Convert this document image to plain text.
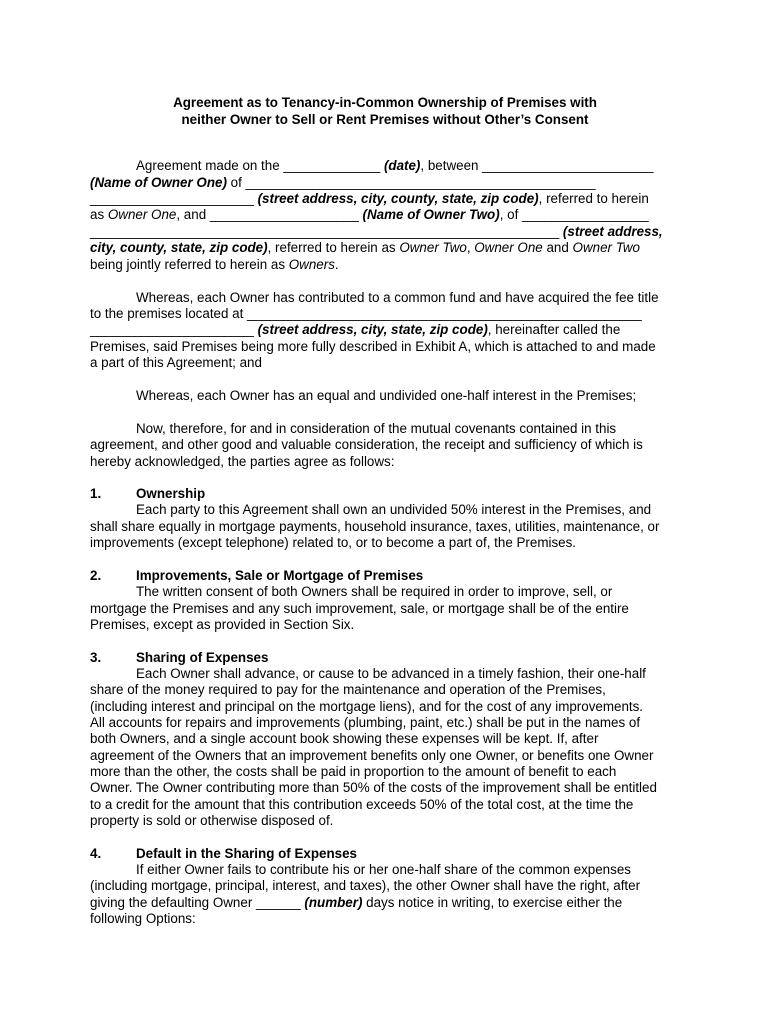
Agreement as to Tenancy-in-Common Ownership of Premises with
neither Owner to Sell or Rent Premises without Other’s Consent
Agreement made on the _____________ (date), between _______________________
(Name of Owner One) of _______________________________________________
______________________ (street address, city, county, state, zip code), referred to herein
as Owner One, and ____________________ (Name of Owner Two), of _________________
_______________________________________________________________ (street address,
city, county, state, zip code), referred to herein as Owner Two, Owner One and Owner Two
being jointly referred to herein as Owners.
Whereas, each Owner has contributed to a common fund and have acquired the fee title
to the premises located at _____________________________________________________
______________________ (street address, city, state, zip code), hereinafter called the
Premises, said Premises being more fully described in Exhibit A, which is attached to and made
a part of this Agreement; and
Whereas, each Owner has an equal and undivided one-half interest in the Premises;
Now, therefore, for and in consideration of the mutual covenants contained in this
agreement, and other good and valuable consideration, the receipt and sufficiency of which is
hereby acknowledged, the parties agree as follows:
1.	Ownership
Each party to this Agreement shall own an undivided 50% interest in the Premises, and
shall share equally in mortgage payments, household insurance, taxes, utilities, maintenance, or
improvements (except telephone) related to, or to become a part of, the Premises.
2.	Improvements, Sale or Mortgage of Premises
The written consent of both Owners shall be required in order to improve, sell, or
mortgage the Premises and any such improvement, sale, or mortgage shall be of the entire
Premises, except as provided in Section Six.
3.	Sharing of Expenses
Each Owner shall advance, or cause to be advanced in a timely fashion, their one-half
share of the money required to pay for the maintenance and operation of the Premises,
(including interest and principal on the mortgage liens), and for the cost of any improvements.
All accounts for repairs and improvements (plumbing, paint, etc.) shall be put in the names of
both Owners, and a single account book showing these expenses will be kept. If, after
agreement of the Owners that an improvement benefits only one Owner, or benefits one Owner
more than the other, the costs shall be paid in proportion to the amount of benefit to each
Owner. The Owner contributing more than 50% of the costs of the improvement shall be entitled
to a credit for the amount that this contribution exceeds 50% of the total cost, at the time the
property is sold or otherwise disposed of.
4.	Default in the Sharing of Expenses
If either Owner fails to contribute his or her one-half share of the common expenses
(including mortgage, principal, interest, and taxes), the other Owner shall have the right, after
giving the defaulting Owner ______ (number) days notice in writing, to exercise either the
following Options:
